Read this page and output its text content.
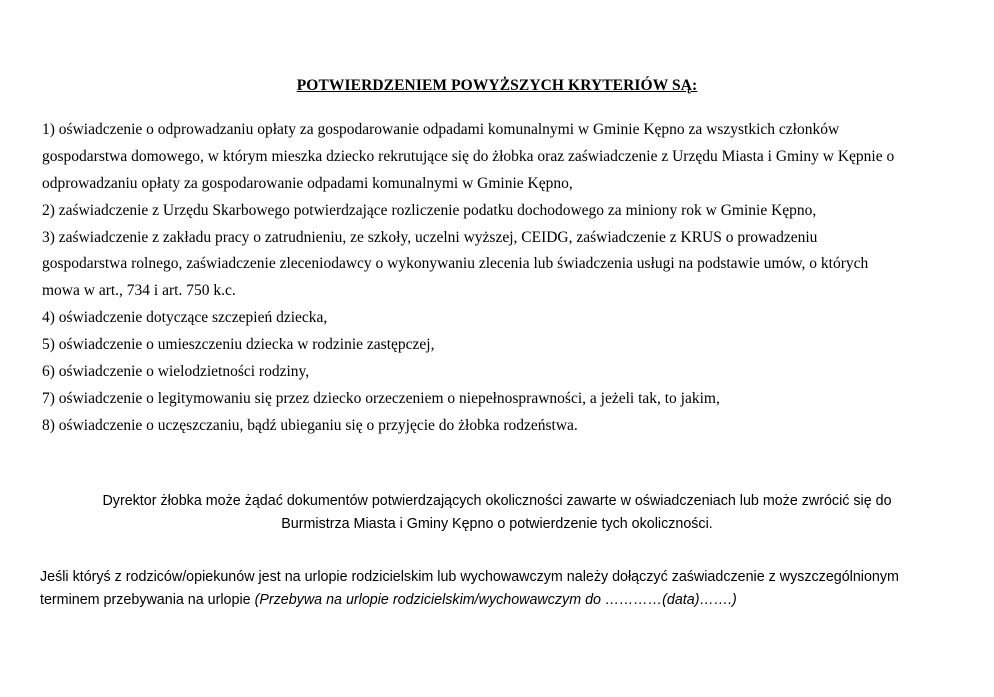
POTWIERDZENIEM POWYŻSZYCH KRYTERIÓW SĄ:
1) oświadczenie o odprowadzaniu opłaty za gospodarowanie odpadami komunalnymi w Gminie Kępno za wszystkich członków
gospodarstwa domowego, w którym mieszka dziecko rekrutujące się do żłobka oraz zaświadczenie z Urzędu Miasta i Gminy w Kępnie o
odprowadzaniu opłaty za gospodarowanie odpadami komunalnymi w Gminie Kępno,
2) zaświadczenie z Urzędu Skarbowego potwierdzające rozliczenie podatku dochodowego za miniony rok w Gminie Kępno,
3) zaświadczenie z zakładu pracy o zatrudnieniu, ze szkoły, uczelni wyższej, CEIDG, zaświadczenie z KRUS o prowadzeniu
gospodarstwa rolnego, zaświadczenie zleceniodawcy o wykonywaniu zlecenia lub świadczenia usługi na podstawie umów, o których
mowa w art., 734 i art. 750 k.c.
4) oświadczenie dotyczące szczepień dziecka,
5) oświadczenie o umieszczeniu dziecka w rodzinie zastępczej,
6) oświadczenie o wielodzietności rodziny,
7) oświadczenie o legitymowaniu się przez dziecko orzeczeniem o niepełnosprawności, a jeżeli tak, to jakim,
8) oświadczenie o uczęszczaniu, bądź ubieganiu się o przyjęcie do żłobka rodzeństwa.
Dyrektor żłobka może żądać dokumentów potwierdzających okoliczności zawarte w oświadczeniach lub może zwrócić się do
Burmistrza Miasta i Gminy Kępno o potwierdzenie tych okoliczności.
Jeśli któryś z rodziców/opiekunów jest na urlopie rodzicielskim lub wychowawczym należy dołączyć zaświadczenie z wyszczególnionym
terminem przebywania na urlopie (Przebywa na urlopie rodzicielskim/wychowawczym do …………(data)…….)
